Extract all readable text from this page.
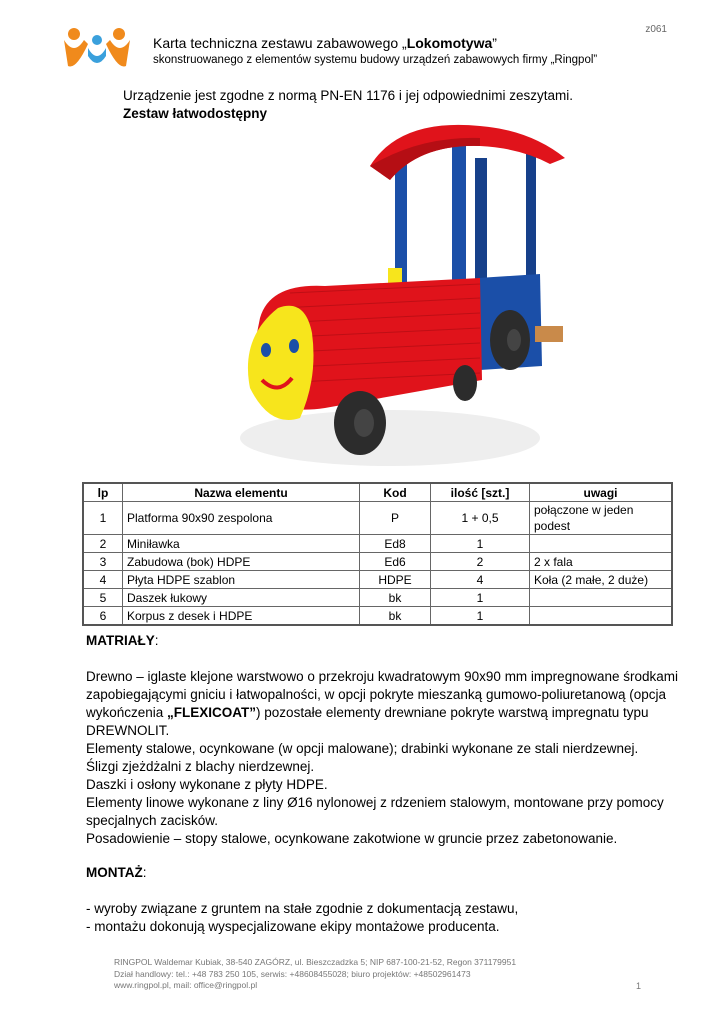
z061
Karta techniczna zestawu zabawowego „Lokomotywa”
skonstruowanego z elementów systemu budowy urządzeń zabawowych firmy „Ringpol”
Urządzenie jest zgodne z normą PN-EN 1176 i jej odpowiednimi zeszytami.
Zestaw łatwodostępny
lp	Nazwa elementu	Kod	ilość [szt.]	uwagi
1	Platforma 90x90 zespolona	P	1 + 0,5	połączone w jeden podest
2	Miniławka	Ed8	1	
3	Zabudowa (bok) HDPE	Ed6	2	2 x fala
4	Płyta HDPE szablon	HDPE	4	Koła (2 małe, 2 duże)
5	Daszek łukowy	bk	1	
6	Korpus z desek i HDPE	bk	1	
MATRIAŁY:

Drewno – iglaste klejone warstwowo o przekroju kwadratowym 90x90 mm impregnowane środkami zapobiegającymi gniciu i łatwopalności, w opcji pokryte mieszanką gumowo-poliuretanową (opcja wykończenia „FLEXICOAT”) pozostałe elementy drewniane pokryte warstwą impregnatu typu DREWNOLIT.

Elementy stalowe, ocynkowane (w opcji malowane); drabinki wykonane ze stali nierdzewnej.

Ślizgi zjeżdżalni z blachy nierdzewnej.

Daszki i osłony wykonane z płyty HDPE.

Elementy linowe wykonane z liny Ø16 nylonowej z rdzeniem stalowym, montowane przy pomocy specjalnych zacisków.

Posadowienie – stopy stalowe, ocynkowane zakotwione w gruncie przez zabetonowanie.

MONTAŻ:

- wyroby związane z gruntem na stałe zgodnie z dokumentacją zestawu,

- montażu dokonują wyspecjalizowane ekipy montażowe producenta.

RINGPOL Waldemar Kubiak, 38-540 ZAGÓRZ, ul. Bieszczadzka 5; NIP 687-100-21-52, Regon 371179951
Dział handlowy: tel.: +48 783 250 105, serwis: +48608455028; biuro projektów: +48502961473
www.ringpol.pl, mail: office@ringpol.pl	1
